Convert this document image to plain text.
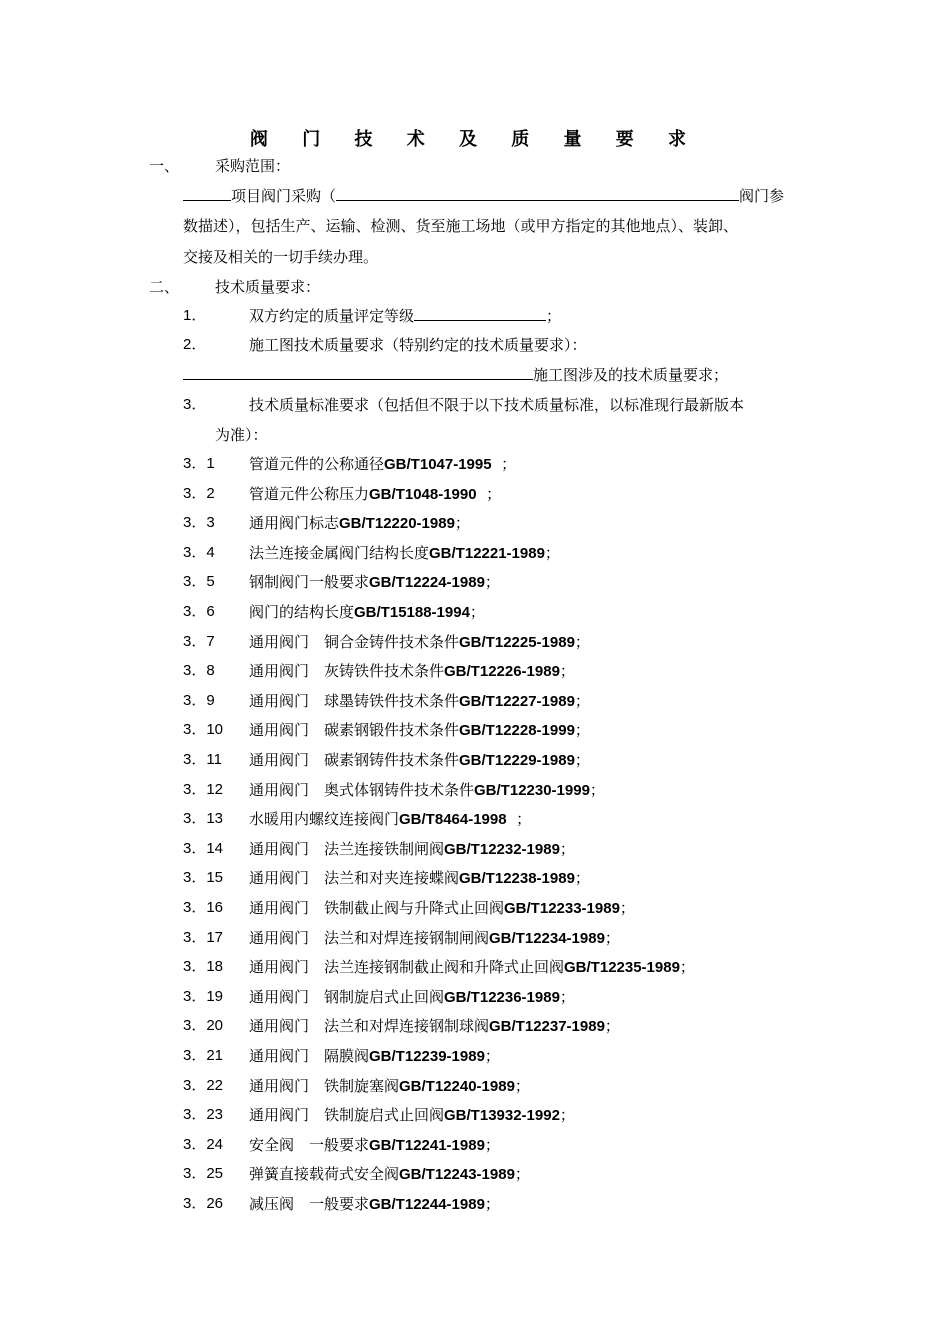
阀 门 技 术 及 质 量 要 求
一、 采购范围：
项目阀门采购（	阀门参
数描述），包括生产、运输、检测、货至施工场地（或甲方指定的其他地点）、装卸、
交接及相关的一切手续办理。
二、 技术质量要求：
1．	双方约定的质量评定等级	；
2．	施工图技术质量要求（特别约定的技术质量要求）：
施工图涉及的技术质量要求；
3．	技术质量标准要求（包括但不限于以下技术质量标准，以标准现行最新版本
为准）：
3．1 管道元件的公称通径GB/T1047-1995  ；
3．2 管道元件公称压力GB/T1048-1990  ；
3．3 通用阀门标志GB/T12220-1989；
3．4 法兰连接金属阀门结构长度GB/T12221-1989；
3．5 钢制阀门一般要求GB/T12224-1989；
3．6 阀门的结构长度GB/T15188-1994；
3．7 通用阀门　铜合金铸件技术条件GB/T12225-1989；
3．8 通用阀门　灰铸铁件技术条件GB/T12226-1989；
3．9 通用阀门　球墨铸铁件技术条件GB/T12227-1989；
3．10 通用阀门　碳素钢锻件技术条件GB/T12228-1999；
3．11 通用阀门　碳素钢铸件技术条件GB/T12229-1989；
3．12 通用阀门　奥式体钢铸件技术条件GB/T12230-1999；
3．13 水暖用内螺纹连接阀门GB/T8464-1998  ；
3．14 通用阀门　法兰连接铁制闸阀GB/T12232-1989；
3．15 通用阀门　法兰和对夹连接蝶阀GB/T12238-1989；
3．16 通用阀门　铁制截止阀与升降式止回阀GB/T12233-1989；
3．17 通用阀门　法兰和对焊连接钢制闸阀GB/T12234-1989；
3．18 通用阀门　法兰连接钢制截止阀和升降式止回阀GB/T12235-1989；
3．19 通用阀门　钢制旋启式止回阀GB/T12236-1989；
3．20 通用阀门　法兰和对焊连接钢制球阀GB/T12237-1989；
3．21 通用阀门　隔膜阀GB/T12239-1989；
3．22 通用阀门　铁制旋塞阀GB/T12240-1989；
3．23 通用阀门　铁制旋启式止回阀GB/T13932-1992；
3．24 安全阀　一般要求GB/T12241-1989；
3．25 弹簧直接载荷式安全阀GB/T12243-1989；
3．26 减压阀　一般要求GB/T12244-1989；
